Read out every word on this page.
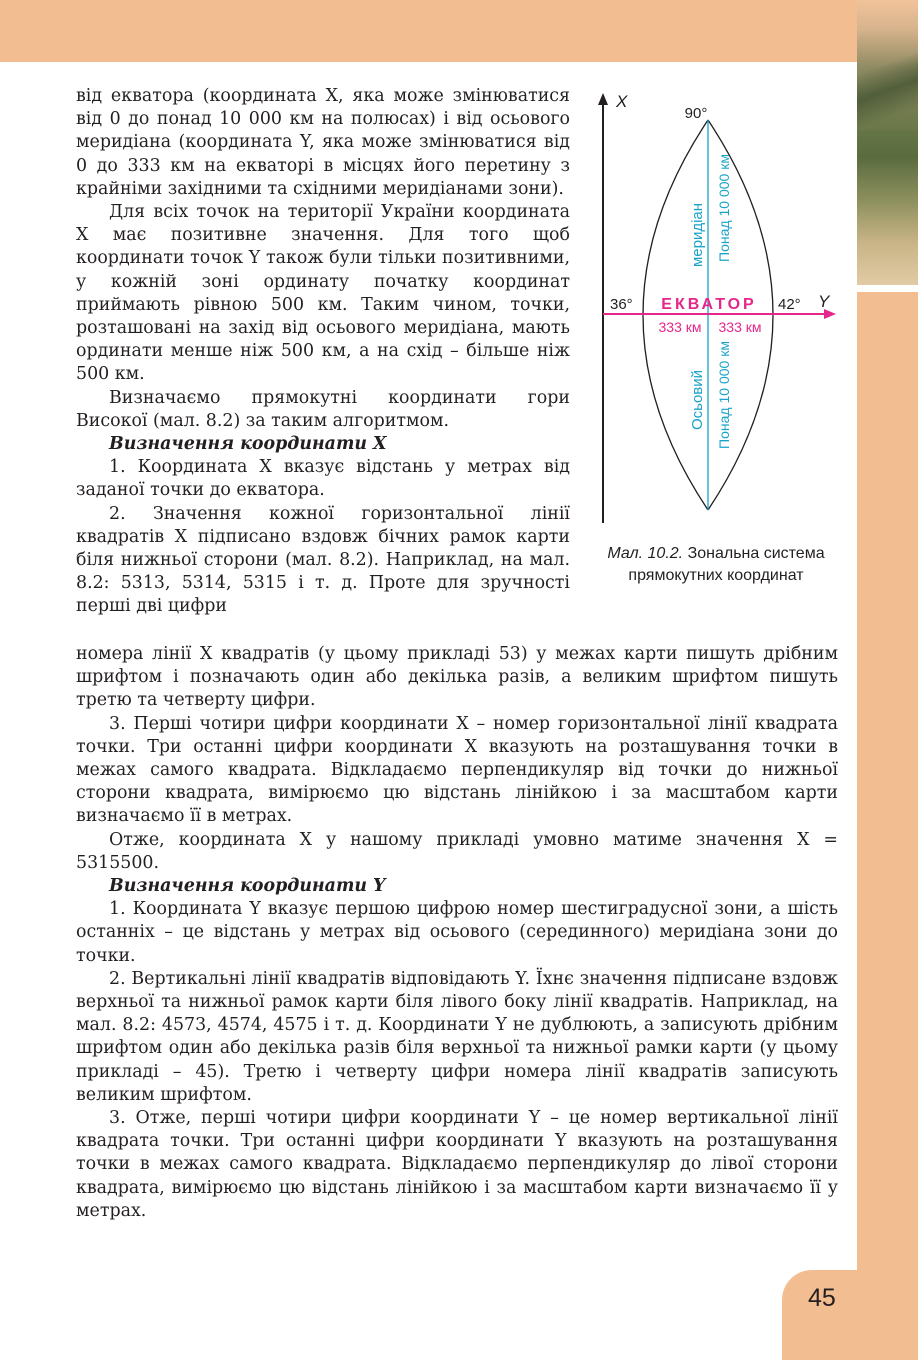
від екватора (координата X, яка може змінюватися від 0 до понад 10 000 км на полюсах) і від осьового меридіана (координата Y, яка може змінюватися від 0 до 333 км на екваторі в місцях його перетину з крайніми західними та східними меридіанами зони).

Для всіх точок на території України координата X має позитивне значення. Для того щоб координати точок Y також були тільки позитивними, у кожній зоні ординату початку координат приймають рівною 500 км. Таким чином, точки, розташовані на захід від осьового меридіана, мають ординати менше ніж 500 км, а на схід – більше ніж 500 км.

Визначаємо прямокутні координати гори Високої (мал. 8.2) за таким алгоритмом.

Визначення координати X

1. Координата X вказує відстань у метрах від заданої точки до екватора.

2. Значення кожної горизонтальної лінії квадратів X підписано вздовж бічних рамок карти біля нижньої сторони (мал. 8.2). Наприклад, на мал. 8.2: 5313, 5314, 5315 і т. д. Проте для зручності перші дві цифри

номера лінії X квадратів (у цьому прикладі 53) у межах карти пишуть дрібним шрифтом і позначають один або декілька разів, а великим шрифтом пишуть третю та четверту цифри.

3. Перші чотири цифри координати X – номер горизонтальної лінії квадрата точки. Три останні цифри координати X вказують на розташування точки в межах самого квадрата. Відкладаємо перпендикуляр від точки до нижньої сторони квадрата, вимірюємо цю відстань лінійкою і за масштабом карти визначаємо її в метрах.

Отже, координата X у нашому прикладі умовно матиме значення X = 5315500.

Визначення координати Y

1. Координата Y вказує першою цифрою номер шестиградусної зони, а шість останніх – це відстань у метрах від осьового (серединного) меридіана зони до точки.

2. Вертикальні лінії квадратів відповідають Y. Їхнє значення підписане вздовж верхньої та нижньої рамок карти біля лівого боку лінії квадратів. Наприклад, на мал. 8.2: 4573, 4574, 4575 і т. д. Координати Y не дублюють, а записують дрібним шрифтом один або декілька разів біля верхньої та нижньої рамки карти (у цьому прикладі – 45). Третю і четверту цифри номера лінії квадратів записують великим шрифтом.

3. Отже, перші чотири цифри координати Y – це номер вертикальної лінії квадрата точки. Три останні цифри координати Y вказують на розташування точки в межах самого квадрата. Відкладаємо перпендикуляр до лівої сторони квадрата, вимірюємо цю відстань лінійкою і за масштабом карти визначаємо її у метрах.

X
90°
Y
36°	42°
ЕКВАТОР
333 км 333 км
меридіан Понад 10 000 км
Осьовий Понад 10 000 км
Мал. 10.2. Зональна система прямокутних координат
45
